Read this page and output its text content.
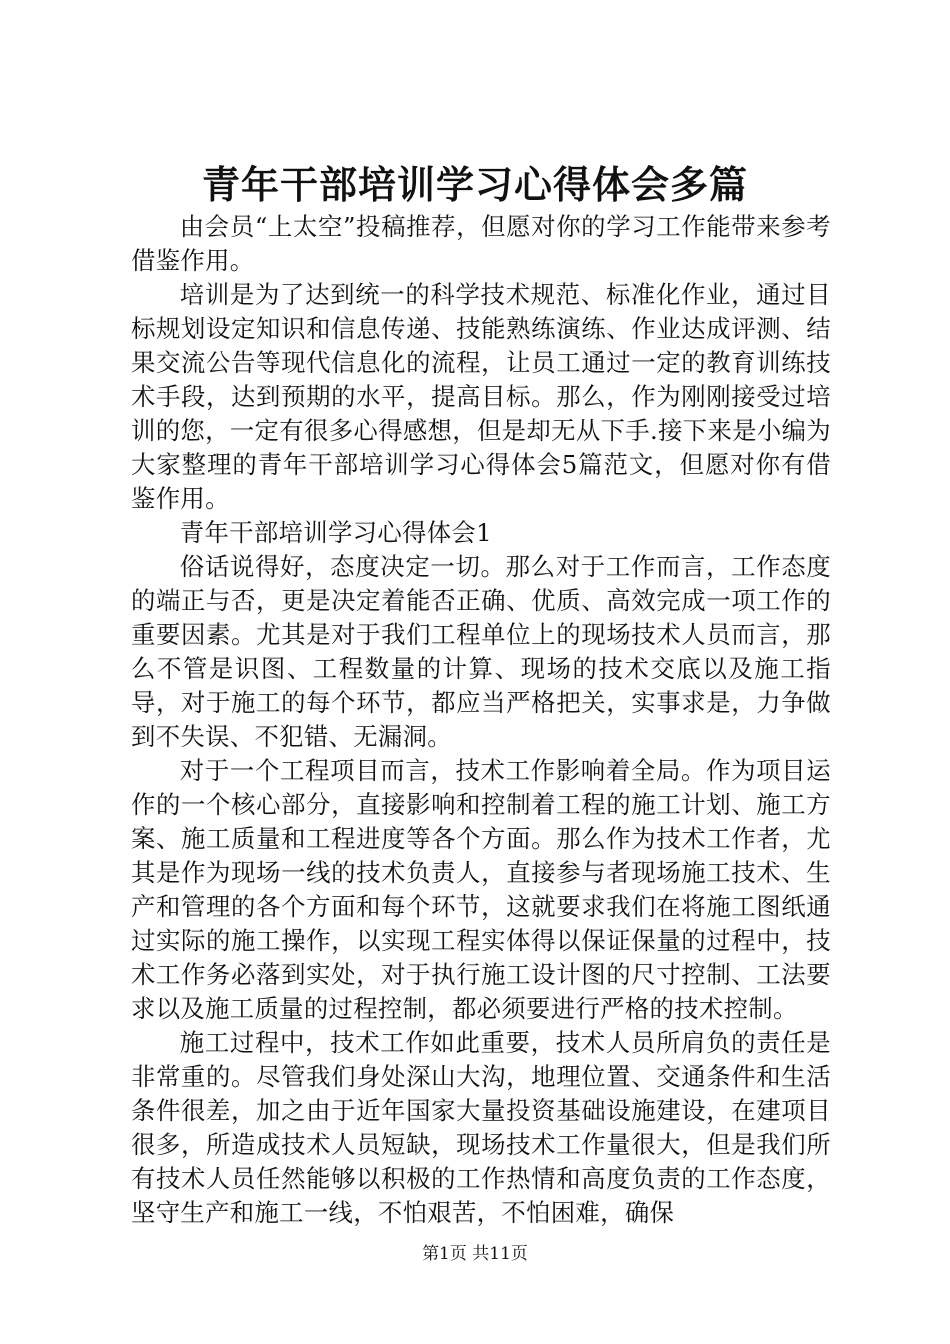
青年干部培训学习心得体会多篇

由会员“上太空”投稿推荐，但愿对你的学习工作能带来参考借鉴作用。

培训是为了达到统一的科学技术规范、标准化作业，通过目标规划设定知识和信息传递、技能熟练演练、作业达成评测、结果交流公告等现代信息化的流程，让员工通过一定的教育训练技术手段，达到预期的水平，提高目标。那么，作为刚刚接受过培训的您，一定有很多心得感想，但是却无从下手.接下来是小编为大家整理的青年干部培训学习心得体会5篇范文，但愿对你有借鉴作用。

青年干部培训学习心得体会1

俗话说得好，态度决定一切。那么对于工作而言，工作态度的端正与否，更是决定着能否正确、优质、高效完成一项工作的重要因素。尤其是对于我们工程单位上的现场技术人员而言，那么不管是识图、工程数量的计算、现场的技术交底以及施工指导，对于施工的每个环节，都应当严格把关，实事求是，力争做到不失误、不犯错、无漏洞。

对于一个工程项目而言，技术工作影响着全局。作为项目运作的一个核心部分，直接影响和控制着工程的施工计划、施工方案、施工质量和工程进度等各个方面。那么作为技术工作者，尤其是作为现场一线的技术负责人，直接参与者现场施工技术、生产和管理的各个方面和每个环节，这就要求我们在将施工图纸通过实际的施工操作，以实现工程实体得以保证保量的过程中，技术工作务必落到实处，对于执行施工设计图的尺寸控制、工法要求以及施工质量的过程控制，都必须要进行严格的技术控制。

施工过程中，技术工作如此重要，技术人员所肩负的责任是非常重的。尽管我们身处深山大沟，地理位置、交通条件和生活条件很差，加之由于近年国家大量投资基础设施建设，在建项目很多，所造成技术人员短缺，现场技术工作量很大，但是我们所有技术人员任然能够以积极的工作热情和高度负责的工作态度，坚守生产和施工一线，不怕艰苦，不怕困难，确保

第1页 共11页
